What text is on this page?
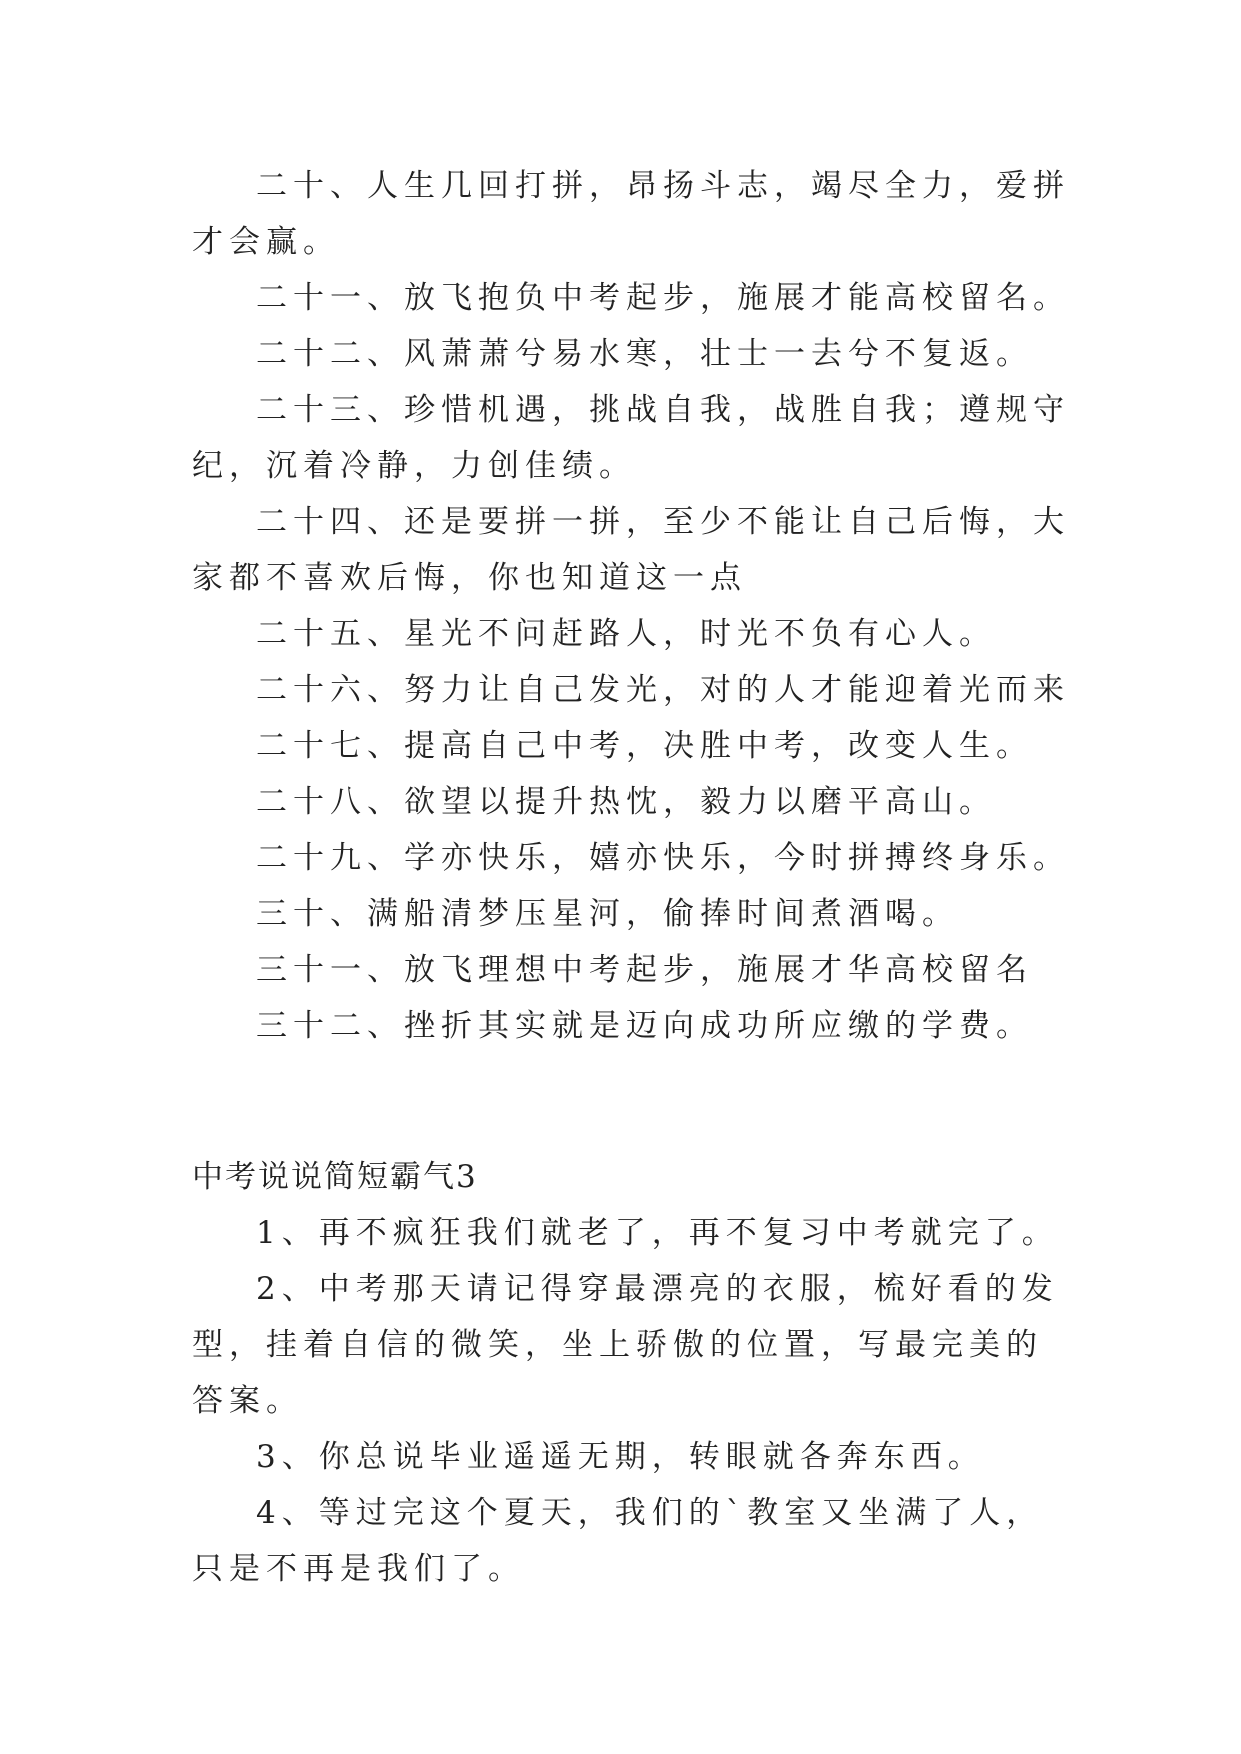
二十、人生几回打拼，昂扬斗志，竭尽全力，爱拼才会赢。

二十一、放飞抱负中考起步，施展才能高校留名。

二十二、风萧萧兮易水寒，壮士一去兮不复返。

二十三、珍惜机遇，挑战自我，战胜自我；遵规守纪，沉着冷静，力创佳绩。

二十四、还是要拼一拼，至少不能让自己后悔，大家都不喜欢后悔，你也知道这一点

二十五、星光不问赶路人，时光不负有心人。

二十六、努力让自己发光，对的人才能迎着光而来

二十七、提高自己中考，决胜中考，改变人生。

二十八、欲望以提升热忱，毅力以磨平高山。

二十九、学亦快乐，嬉亦快乐，今时拼搏终身乐。

三十、满船清梦压星河，偷捧时间煮酒喝。

三十一、放飞理想中考起步，施展才华高校留名

三十二、挫折其实就是迈向成功所应缴的学费。

中考说说简短霸气3

1、再不疯狂我们就老了，再不复习中考就完了。

2、中考那天请记得穿最漂亮的衣服，梳好看的发型，挂着自信的微笑，坐上骄傲的位置，写最完美的答案。

3、你总说毕业遥遥无期，转眼就各奔东西。

4、等过完这个夏天，我们的`教室又坐满了人，只是不再是我们了。
